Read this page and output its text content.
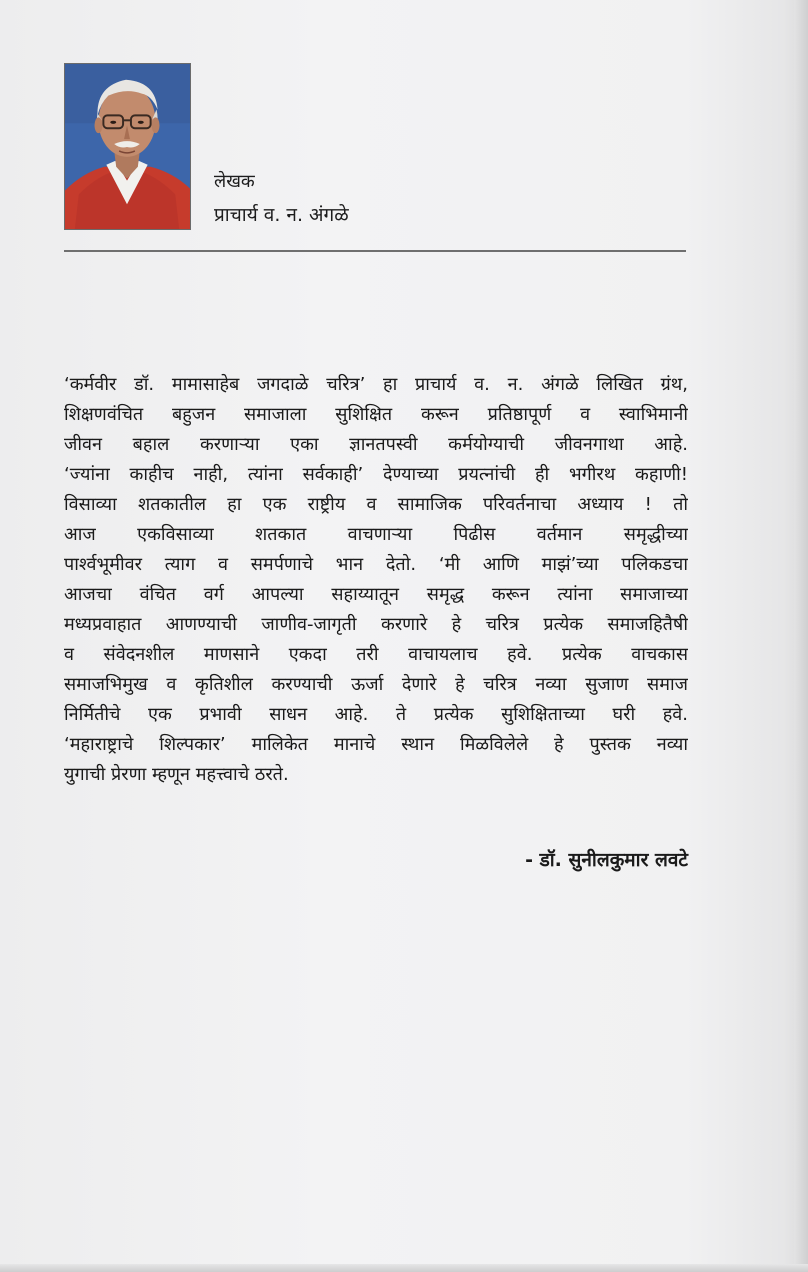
लेखक
प्राचार्य व. न. अंगळे
‘कर्मवीर डॉ. मामासाहेब जगदाळे चरित्र’ हा प्राचार्य व. न. अंगळे लिखित ग्रंथ,
शिक्षणवंचित बहुजन समाजाला सुशिक्षित करून प्रतिष्ठापूर्ण व स्वाभिमानी
जीवन बहाल करणाऱ्या एका ज्ञानतपस्वी कर्मयोग्याची जीवनगाथा आहे.
‘ज्यांना काहीच नाही, त्यांना सर्वकाही’ देण्याच्या प्रयत्नांची ही भगीरथ कहाणी!
विसाव्या शतकातील हा एक राष्ट्रीय व सामाजिक परिवर्तनाचा अध्याय ! तो
आज एकविसाव्या शतकात वाचणाऱ्या पिढीस वर्तमान समृद्धीच्या
पार्श्वभूमीवर त्याग व समर्पणाचे भान देतो. ‘मी आणि माझं’च्या पलिकडचा
आजचा वंचित वर्ग आपल्या सहाय्यातून समृद्ध करून त्यांना समाजाच्या
मध्यप्रवाहात आणण्याची जाणीव-जागृती करणारे हे चरित्र प्रत्येक समाजहितैषी
व संवेदनशील माणसाने एकदा तरी वाचायलाच हवे. प्रत्येक वाचकास
समाजभिमुख व कृतिशील करण्याची ऊर्जा देणारे हे चरित्र नव्या सुजाण समाज
निर्मितीचे एक प्रभावी साधन आहे. ते प्रत्येक सुशिक्षिताच्या घरी हवे.
‘महाराष्ट्राचे शिल्पकार’ मालिकेत मानाचे स्थान मिळविलेले हे पुस्तक नव्या
युगाची प्रेरणा म्हणून महत्त्वाचे ठरते.
- डॉ. सुनीलकुमार लवटे
